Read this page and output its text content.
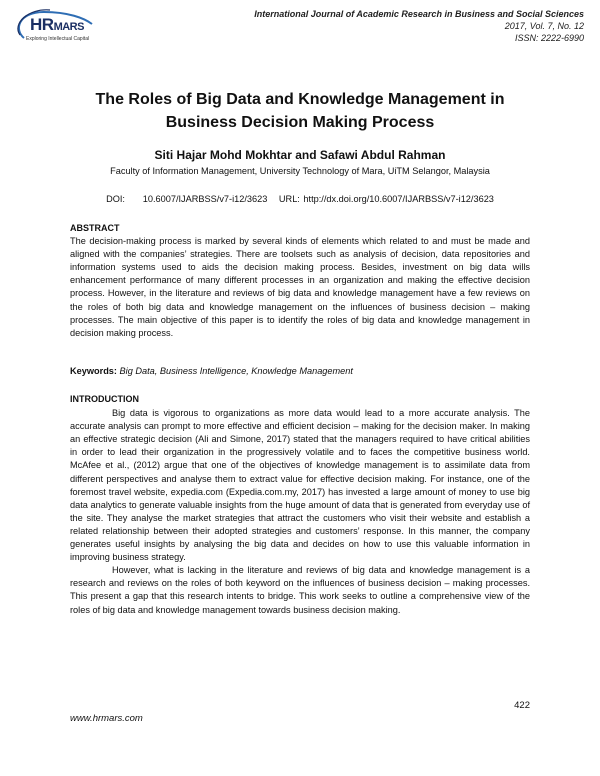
HRMARS
Exploring Intellectual Capital
International Journal of Academic Research in Business and Social Sciences
2017, Vol. 7, No. 12
ISSN: 2222-6990
The Roles of Big Data and Knowledge Management in
Business Decision Making Process
Siti Hajar Mohd Mokhtar and Safawi Abdul Rahman
Faculty of Information Management, University Technology of Mara, UiTM Selangor, Malaysia
DOI:     10.6007/IJARBSS/v7-i12/3623 URL: http://dx.doi.org/10.6007/IJARBSS/v7-i12/3623
ABSTRACT
The decision-making process is marked by several kinds of elements which related to and must be made and aligned with the companies’ strategies. There are toolsets such as analysis of decision, data repositories and information systems used to aids the decision making process. Besides, investment on big data wills enhancement performance of many different processes in an organization and making the effective decision process. However, in the literature and reviews of big data and knowledge management have a few reviews on the roles of both big data and knowledge management on the influences of business decision – making processes. The main objective of this paper is to identify the roles of big data and knowledge management in decision making process.
Keywords: Big Data, Business Intelligence, Knowledge Management
INTRODUCTION

Big data is vigorous to organizations as more data would lead to a more accurate analysis. The accurate analysis can prompt to more effective and efficient decision – making for the decision maker. In making an effective strategic decision (Ali and Simone, 2017) stated that the managers required to have critical abilities in order to lead their organization in the progressively volatile and to faces the competitive business world. McAfee et al., (2012) argue that one of the objectives of knowledge management is to assimilate data from different perspectives and analyse them to extract value for effective decision making. For instance, one of the foremost travel website, expedia.com (Expedia.com.my, 2017) has invested a large amount of money to use big data analytics to generate valuable insights from the huge amount of data that is generated from everyday use of the site. They analyse the market strategies that attract the customers who visit their website and establish a related relationship between their adopted strategies and customers’ response. In this manner, the company generates useful insights by analysing the big data and decides on how to use this valuable information in improving business strategy.

However, what is lacking in the literature and reviews of big data and knowledge management is a research and reviews on the roles of both keyword on the influences of business decision – making processes. This present a gap that this research intents to bridge. This work seeks to outline a comprehensive view of the roles of big data and knowledge management towards business decision making.

422
www.hrmars.com
